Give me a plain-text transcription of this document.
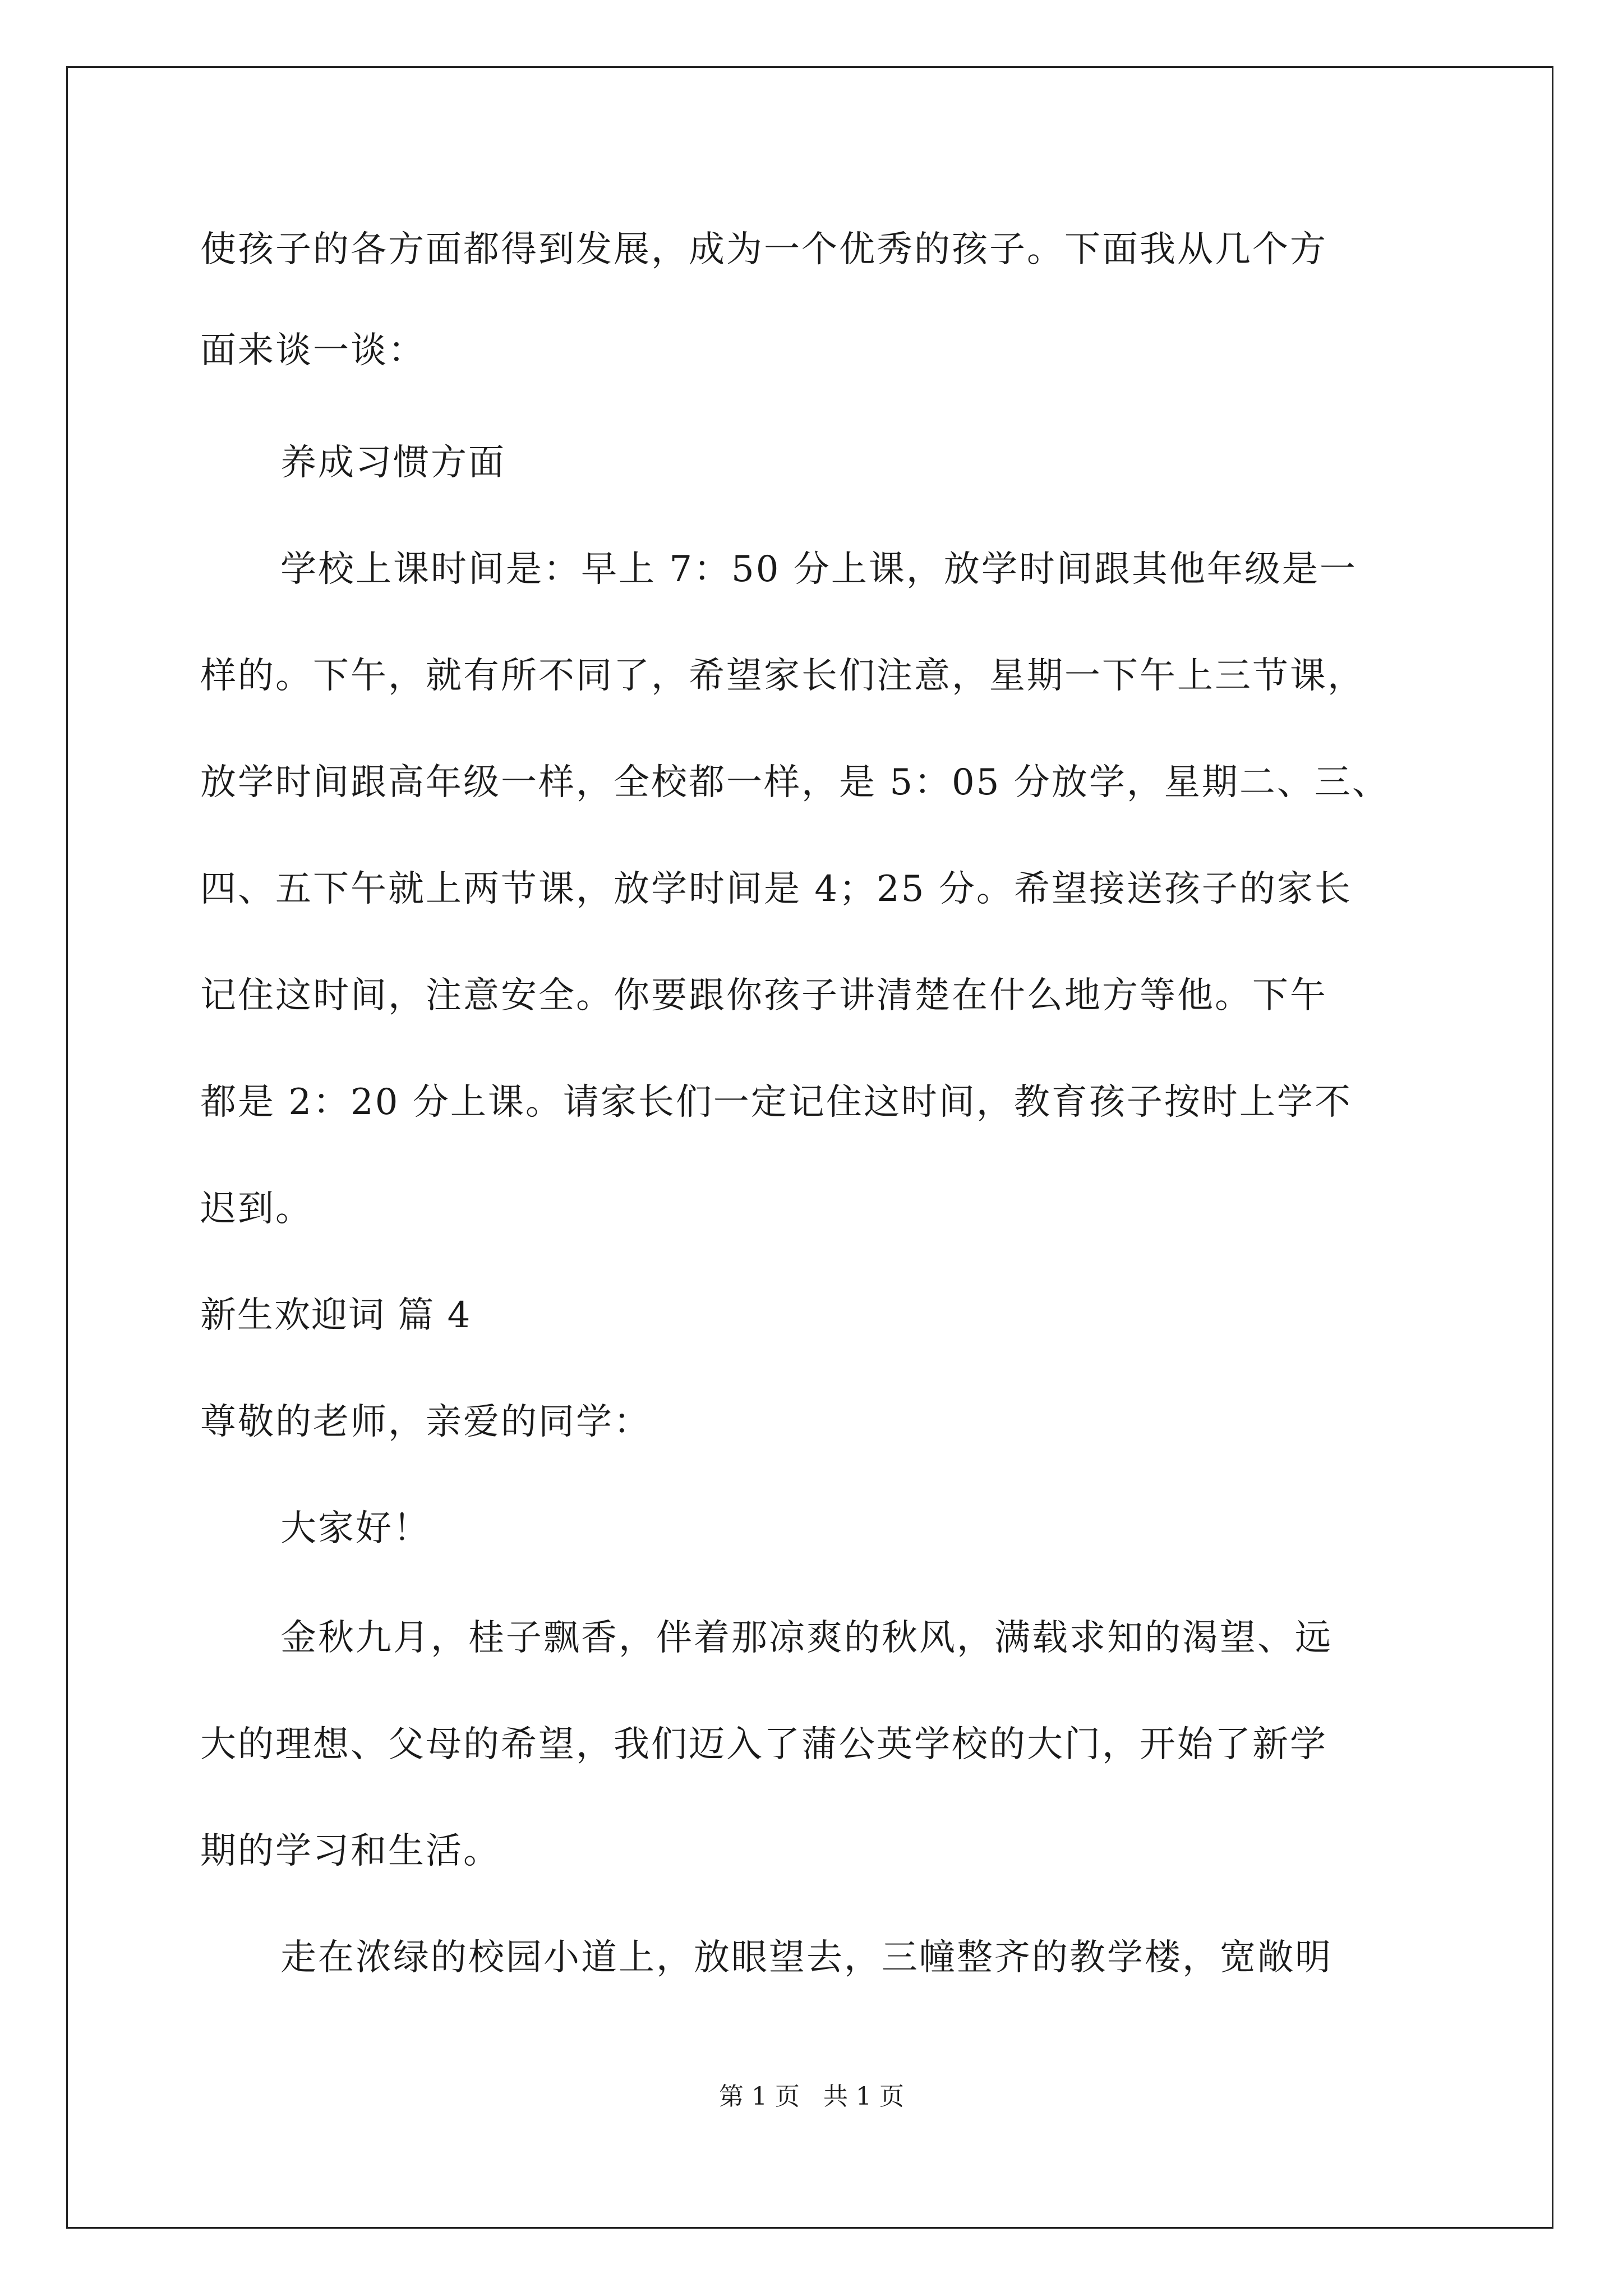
使孩子的各方面都得到发展，成为一个优秀的孩子。下面我从几个方
面来谈一谈：
养成习惯方面
学校上课时间是：早上 7：50 分上课，放学时间跟其他年级是一
样的。下午，就有所不同了，希望家长们注意，星期一下午上三节课，
放学时间跟高年级一样，全校都一样，是 5：05 分放学，星期二、三、
四、五下午就上两节课，放学时间是 4；25 分。希望接送孩子的家长
记住这时间，注意安全。你要跟你孩子讲清楚在什么地方等他。下午
都是 2：20 分上课。请家长们一定记住这时间，教育孩子按时上学不
迟到。
新生欢迎词 篇 4
尊敬的老师，亲爱的同学：
大家好！
金秋九月，桂子飘香，伴着那凉爽的秋风，满载求知的渴望、远
大的理想、父母的希望，我们迈入了蒲公英学校的大门，开始了新学
期的学习和生活。
走在浓绿的校园小道上，放眼望去，三幢整齐的教学楼，宽敞明
第 1 页   共 1 页
